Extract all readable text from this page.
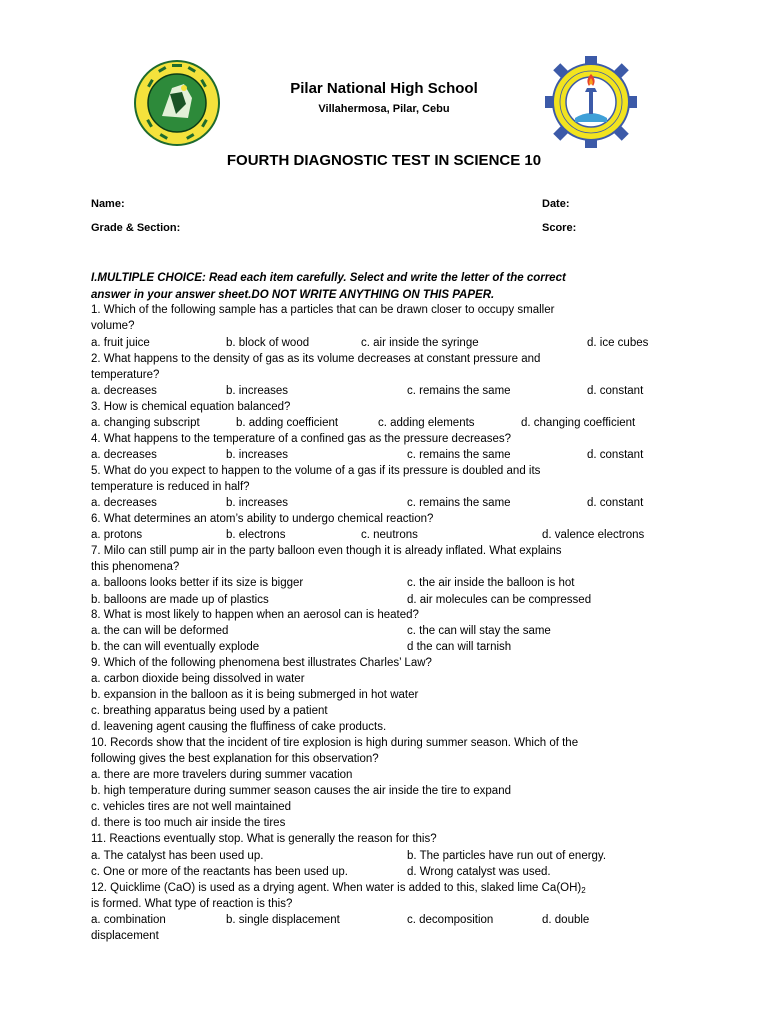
Pilar National High School
Villahermosa, Pilar, Cebu
FOURTH DIAGNOSTIC TEST IN SCIENCE 10
Name:	Date:
Grade & Section:	Score:
I.MULTIPLE CHOICE: Read each item carefully. Select and write the letter of the correct
answer in your answer sheet.DO NOT WRITE ANYTHING ON THIS PAPER.
1. Which of the following sample has a particles that can be drawn closer to occupy smaller
volume?
a. fruit juice	b. block of wood	c. air inside the syringe	d. ice cubes
2. What happens to the density of gas as its volume decreases at constant pressure and
temperature?
a. decreases	b. increases	c. remains the same	d. constant
3. How is chemical equation balanced?
a. changing subscript	b. adding coefficient	c. adding elements	d. changing coefficient
4. What happens to the temperature of a confined gas as the pressure decreases?
a. decreases	b. increases	c. remains the same	d. constant
5. What do you expect to happen to the volume of a gas if its pressure is doubled and its
temperature is reduced in half?
a. decreases	b. increases	c. remains the same	d. constant
6. What determines an atom’s ability to undergo chemical reaction?
a. protons	b. electrons	c. neutrons	d. valence electrons
7. Milo can still pump air in the party balloon even though it is already inflated. What explains
this phenomena?
a. balloons looks better if its size is bigger	c. the air inside the balloon is hot
b. balloons are made up of plastics	d. air molecules can be compressed
8. What is most likely to happen when an aerosol can is heated?
a. the can will be deformed	c. the can will stay the same
b. the can will eventually explode	d the can will tarnish
9. Which of the following phenomena best illustrates Charles’ Law?
a. carbon dioxide being dissolved in water
b. expansion in the balloon as it is being submerged in hot water
c. breathing apparatus being used by a patient
d. leavening agent causing the fluffiness of cake products.
10. Records show that the incident of tire explosion is high during summer season. Which of the
following gives the best explanation for this observation?
a. there are more travelers during summer vacation
b. high temperature during summer season causes the air inside the tire to expand
c. vehicles tires are not well maintained
d. there is too much air inside the tires
11. Reactions eventually stop. What is generally the reason for this?
a. The catalyst has been used up.	b. The particles have run out of energy.
c. One or more of the reactants has been used up.	d. Wrong catalyst was used.
12. Quicklime (CaO) is used as a drying agent. When water is added to this, slaked lime $Ca(OH)_2$
is formed. What type of reaction is this?
a. combination	b. single displacement	c. decomposition	d. double
displacement
